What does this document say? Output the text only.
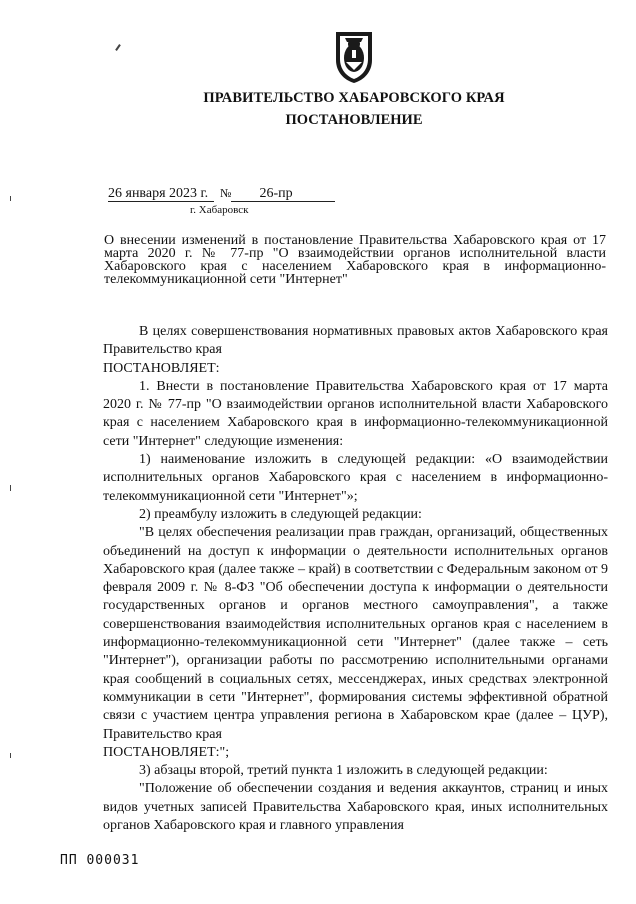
ПРАВИТЕЛЬСТВО ХАБАРОВСКОГО КРАЯ
ПОСТАНОВЛЕНИЕ
26 января 2023 г. № 26-пр
г. Хабаровск
О внесении изменений в постановление Правительства Хабаровского края от 17 марта 2020 г. № 77-пр "О взаимодействии органов исполнительной власти Хабаровского края с населением Хабаровского края в информационно-телекоммуникационной сети "Интернет"

В целях совершенствования нормативных правовых актов Хабаровского края Правительство края

ПОСТАНОВЛЯЕТ:

1. Внести в постановление Правительства Хабаровского края от 17 марта 2020 г. № 77-пр "О взаимодействии органов исполнительной власти Хабаровского края с населением Хабаровского края в информационно-телекоммуникационной сети "Интернет" следующие изменения:

1) наименование изложить в следующей редакции: «О взаимодействии исполнительных органов Хабаровского края с населением в информационно-телекоммуникационной сети "Интернет"»;

2) преамбулу изложить в следующей редакции:

"В целях обеспечения реализации прав граждан, организаций, общественных объединений на доступ к информации о деятельности исполнительных органов Хабаровского края (далее также – край) в соответствии с Федеральным законом от 9 февраля 2009 г. № 8-ФЗ "Об обеспечении доступа к информации о деятельности государственных органов и органов местного самоуправления", а также совершенствования взаимодействия исполнительных органов края с населением в информационно-телекоммуникационной сети "Интернет" (далее также – сеть "Интернет"), организации работы по рассмотрению исполнительными органами края сообщений в социальных сетях, мессенджерах, иных средствах электронной коммуникации в сети "Интернет", формирования системы эффективной обратной связи с участием центра управления региона в Хабаровском крае (далее – ЦУР), Правительство края

ПОСТАНОВЛЯЕТ:";

3) абзацы второй, третий пункта 1 изложить в следующей редакции:

"Положение об обеспечении создания и ведения аккаунтов, страниц и иных видов учетных записей Правительства Хабаровского края, иных исполнительных органов Хабаровского края и главного управления

ПП 000031
